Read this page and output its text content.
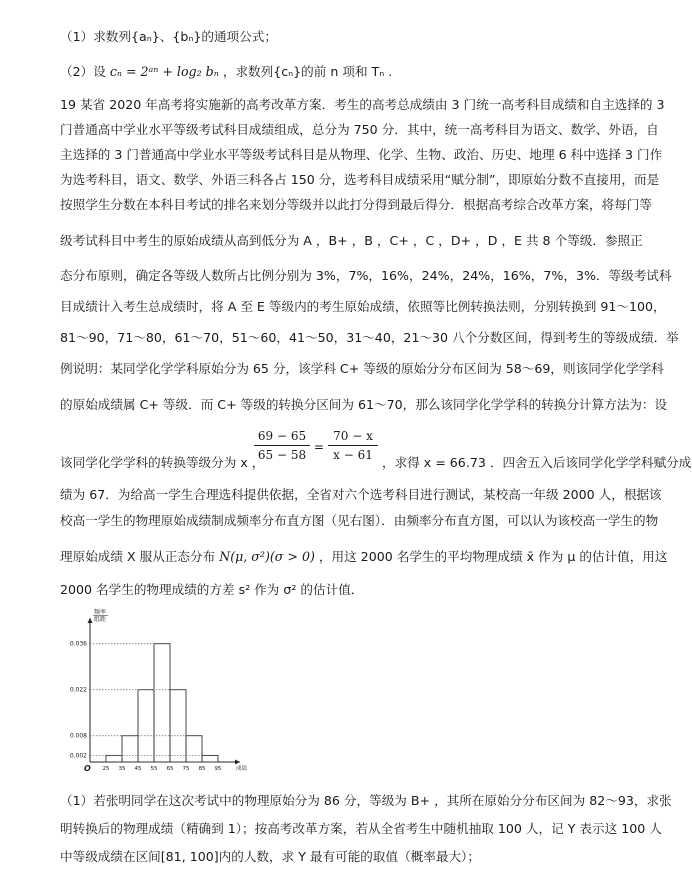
（1）求数列{aₙ}、{bₙ}的通项公式；
（2）设 cₙ = 2ᵃⁿ + log₂ bₙ ，求数列{cₙ}的前 n 项和 Tₙ .
19 某省 2020 年高考将实施新的高考改革方案．考生的高考总成绩由 3 门统一高考科目成绩和自主选择的 3
门普通高中学业水平等级考试科目成绩组成，总分为 750 分．其中，统一高考科目为语文、数学、外语，自
主选择的 3 门普通高中学业水平等级考试科目是从物理、化学、生物、政治、历史、地理 6 科中选择 3 门作
为选考科目，语文、数学、外语三科各占 150 分，选考科目成绩采用“赋分制”，即原始分数不直接用，而是
按照学生分数在本科目考试的排名来划分等级并以此打分得到最后得分．根据高考综合改革方案，将每门等
级考试科目中考生的原始成绩从高到低分为 A ，B+ ，B ，C+ ，C ，D+ ，D ，E 共 8 个等级．参照正
态分布原则，确定各等级人数所占比例分别为 3%，7%，16%，24%，24%，16%，7%，3%．等级考试科
目成绩计入考生总成绩时，将 A 至 E 等级内的考生原始成绩，依照等比例转换法则，分别转换到 91～100，
81～90，71～80，61～70，51～60，41～50，31～40，21～30 八个分数区间，得到考生的等级成绩．举
例说明：某同学化学学科原始分为 65 分，该学科 C+ 等级的原始分分布区间为 58～69，则该同学化学学科
的原始成绩属 C+ 等级．而 C+ 等级的转换分区间为 61～70，那么该同学化学学科的转换分计算方法为：设
该同学化学学科的转换等级分为 x ，
$\frac{69 - 65}{65 - 58} = \frac{70 - x}{x - 61}$
，求得 x = 66.73 ．四舍五入后该同学化学学科赋分成
绩为 67．为给高一学生合理选科提供依据，全省对六个选考科目进行测试，某校高一年级 2000 人，根据该
校高一学生的物理原始成绩制成频率分布直方图（见右图）．由频率分布直方图，可以认为该校高一学生的物
理原始成绩 X 服从正态分布 N(μ, σ²)(σ > 0) ，用这 2000 名学生的平均物理成绩 x̄ 作为 μ 的估计值，用这
2000 名学生的物理成绩的方差 s² 作为 σ² 的估计值．
频率
组距
0.036
0.022
0.008
0.002
25 35 45 55 65 75 85 95
O	成绩
（1）若张明同学在这次考试中的物理原始分为 86 分，等级为 B+ ，其所在原始分分布区间为 82～93，求张
明转换后的物理成绩（精确到 1）；按高考改革方案，若从全省考生中随机抽取 100 人，记 Y 表示这 100 人
中等级成绩在区间[81, 100]内的人数，求 Y 最有可能的取值（概率最大）；
